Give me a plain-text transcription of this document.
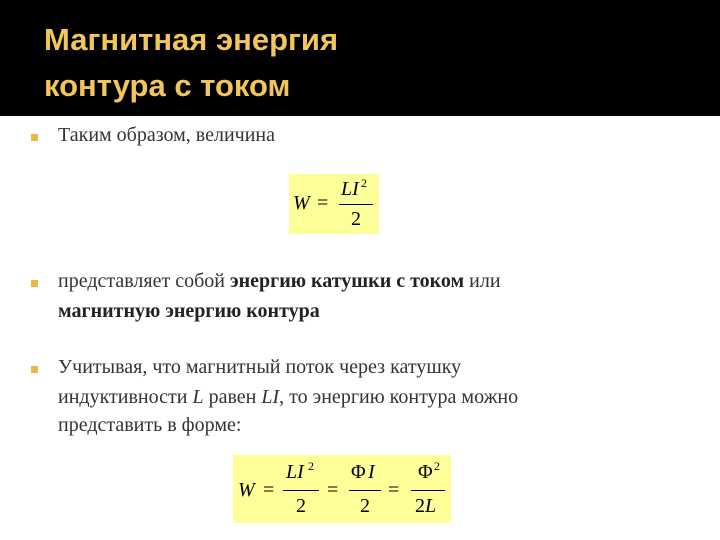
Магнитная энергия
контура с током
Таким образом, величина
W =
LI 2
2
представляет собой энергию катушки с током или
магнитную энергию контура
Учитывая, что магнитный поток через катушку
индуктивности L равен LI, то энергию контура можно
представить в форме:
W =
LI 2
2
=
Φ I
2
=
Φ 2
2L
